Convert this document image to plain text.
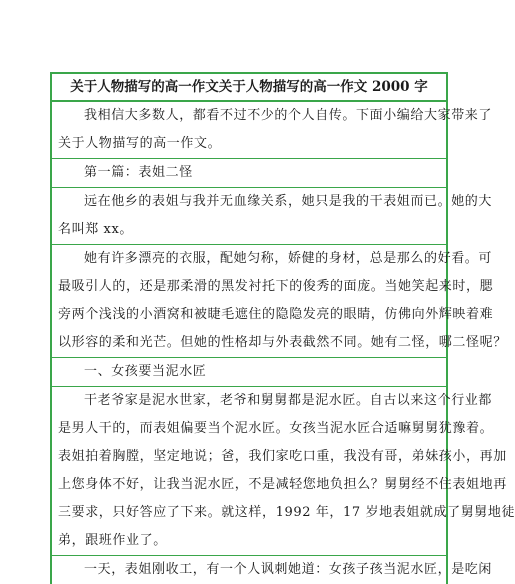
关于人物描写的高一作文关于人物描写的高一作文 2000 字
我相信大多数人，都看不过不少的个人自传。下面小编给大家带来了
关于人物描写的高一作文。
第一篇：表姐二怪
远在他乡的表姐与我并无血缘关系，她只是我的干表姐而已。她的大
名叫郑 xx。
她有许多漂亮的衣服，配她匀称，娇健的身材，总是那么的好看。可
最吸引人的，还是那柔滑的黑发衬托下的俊秀的面庞。当她笑起来时，腮
旁两个浅浅的小酒窝和被睫毛遮住的隐隐发亮的眼睛，仿佛向外辉映着难
以形容的柔和光芒。但她的性格却与外表截然不同。她有二怪，哪二怪呢？
一、女孩要当泥水匠
干老爷家是泥水世家，老爷和舅舅都是泥水匠。自古以来这个行业都
是男人干的，而表姐偏要当个泥水匠。女孩当泥水匠合适嘛舅舅犹豫着。
表姐拍着胸膛，坚定地说；爸，我们家吃口重，我没有哥，弟妹孩小，再加
上您身体不好，让我当泥水匠，不是减轻您地负担么？舅舅经不住表姐地再
三要求，只好答应了下来。就这样，1992 年，17 岁地表姐就成了舅舅地徒
弟，跟班作业了。
一天，表姐刚收工，有一个人讽刺她道：女孩子孩当泥水匠，是吃闲
